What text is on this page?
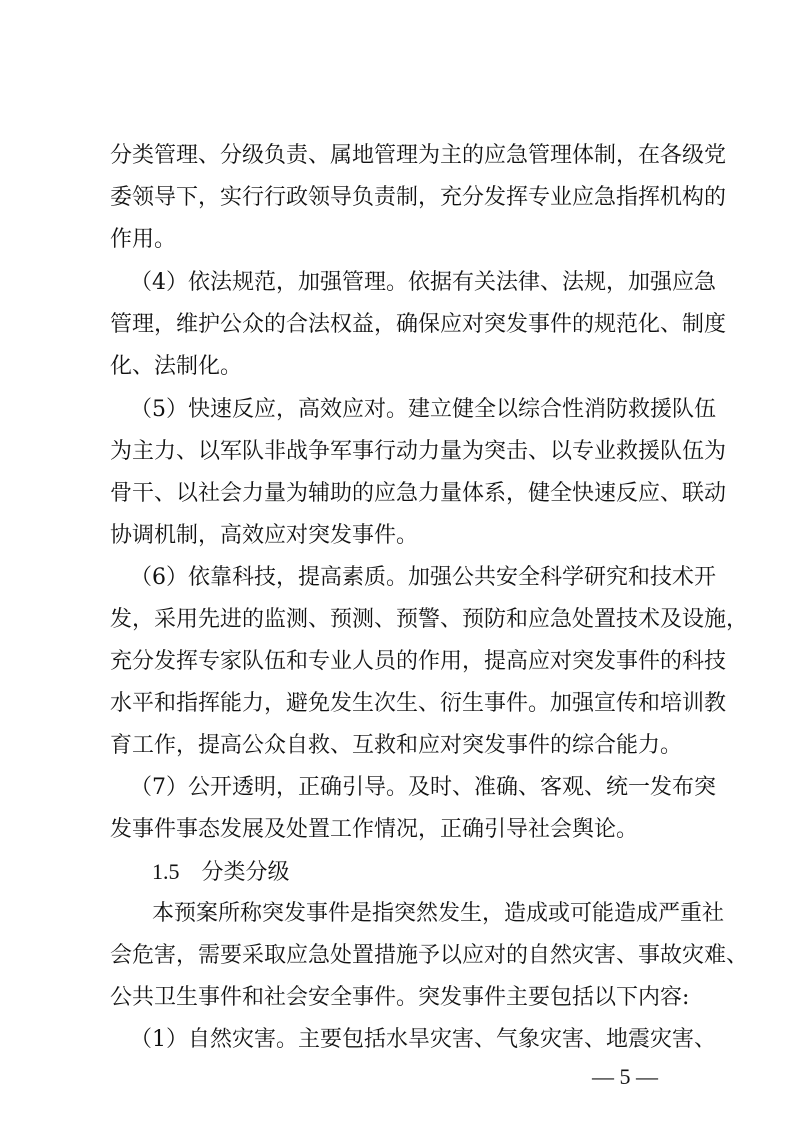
分类管理、分级负责、属地管理为主的应急管理体制，在各级党
委领导下，实行行政领导负责制，充分发挥专业应急指挥机构的
作用。
（4）依法规范，加强管理。依据有关法律、法规，加强应急
管理，维护公众的合法权益，确保应对突发事件的规范化、制度
化、法制化。
（5）快速反应，高效应对。建立健全以综合性消防救援队伍
为主力、以军队非战争军事行动力量为突击、以专业救援队伍为
骨干、以社会力量为辅助的应急力量体系，健全快速反应、联动
协调机制，高效应对突发事件。
（6）依靠科技，提高素质。加强公共安全科学研究和技术开
发，采用先进的监测、预测、预警、预防和应急处置技术及设施，
充分发挥专家队伍和专业人员的作用，提高应对突发事件的科技
水平和指挥能力，避免发生次生、衍生事件。加强宣传和培训教
育工作，提高公众自救、互救和应对突发事件的综合能力。
（7）公开透明，正确引导。及时、准确、客观、统一发布突
发事件事态发展及处置工作情况，正确引导社会舆论。
1.5 分类分级
本预案所称突发事件是指突然发生，造成或可能造成严重社
会危害，需要采取应急处置措施予以应对的自然灾害、事故灾难、
公共卫生事件和社会安全事件。突发事件主要包括以下内容:
（1）自然灾害。主要包括水旱灾害、气象灾害、地震灾害、
— 5 —
